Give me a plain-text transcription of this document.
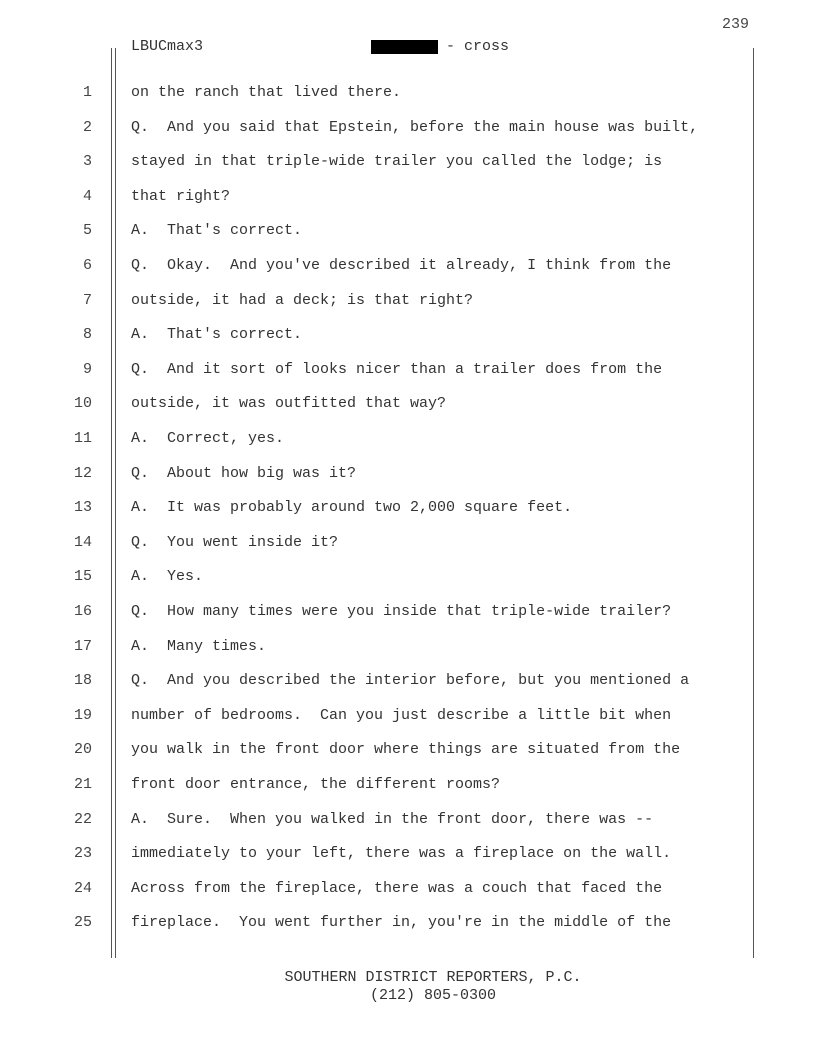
239
LBUCmax3	- cross
1	on the ranch that lived there.
2	Q.  And you said that Epstein, before the main house was built,
3	stayed in that triple-wide trailer you called the lodge; is
4	that right?
5	A.  That's correct.
6	Q.  Okay.  And you've described it already, I think from the
7	outside, it had a deck; is that right?
8	A.  That's correct.
9	Q.  And it sort of looks nicer than a trailer does from the
10	outside, it was outfitted that way?
11	A.  Correct, yes.
12	Q.  About how big was it?
13	A.  It was probably around two 2,000 square feet.
14	Q.  You went inside it?
15	A.  Yes.
16	Q.  How many times were you inside that triple-wide trailer?
17	A.  Many times.
18	Q.  And you described the interior before, but you mentioned a
19	number of bedrooms.  Can you just describe a little bit when
20	you walk in the front door where things are situated from the
21	front door entrance, the different rooms?
22	A.  Sure.  When you walked in the front door, there was --
23	immediately to your left, there was a fireplace on the wall.
24	Across from the fireplace, there was a couch that faced the
25	fireplace.  You went further in, you're in the middle of the
SOUTHERN DISTRICT REPORTERS, P.C.
(212) 805-0300
